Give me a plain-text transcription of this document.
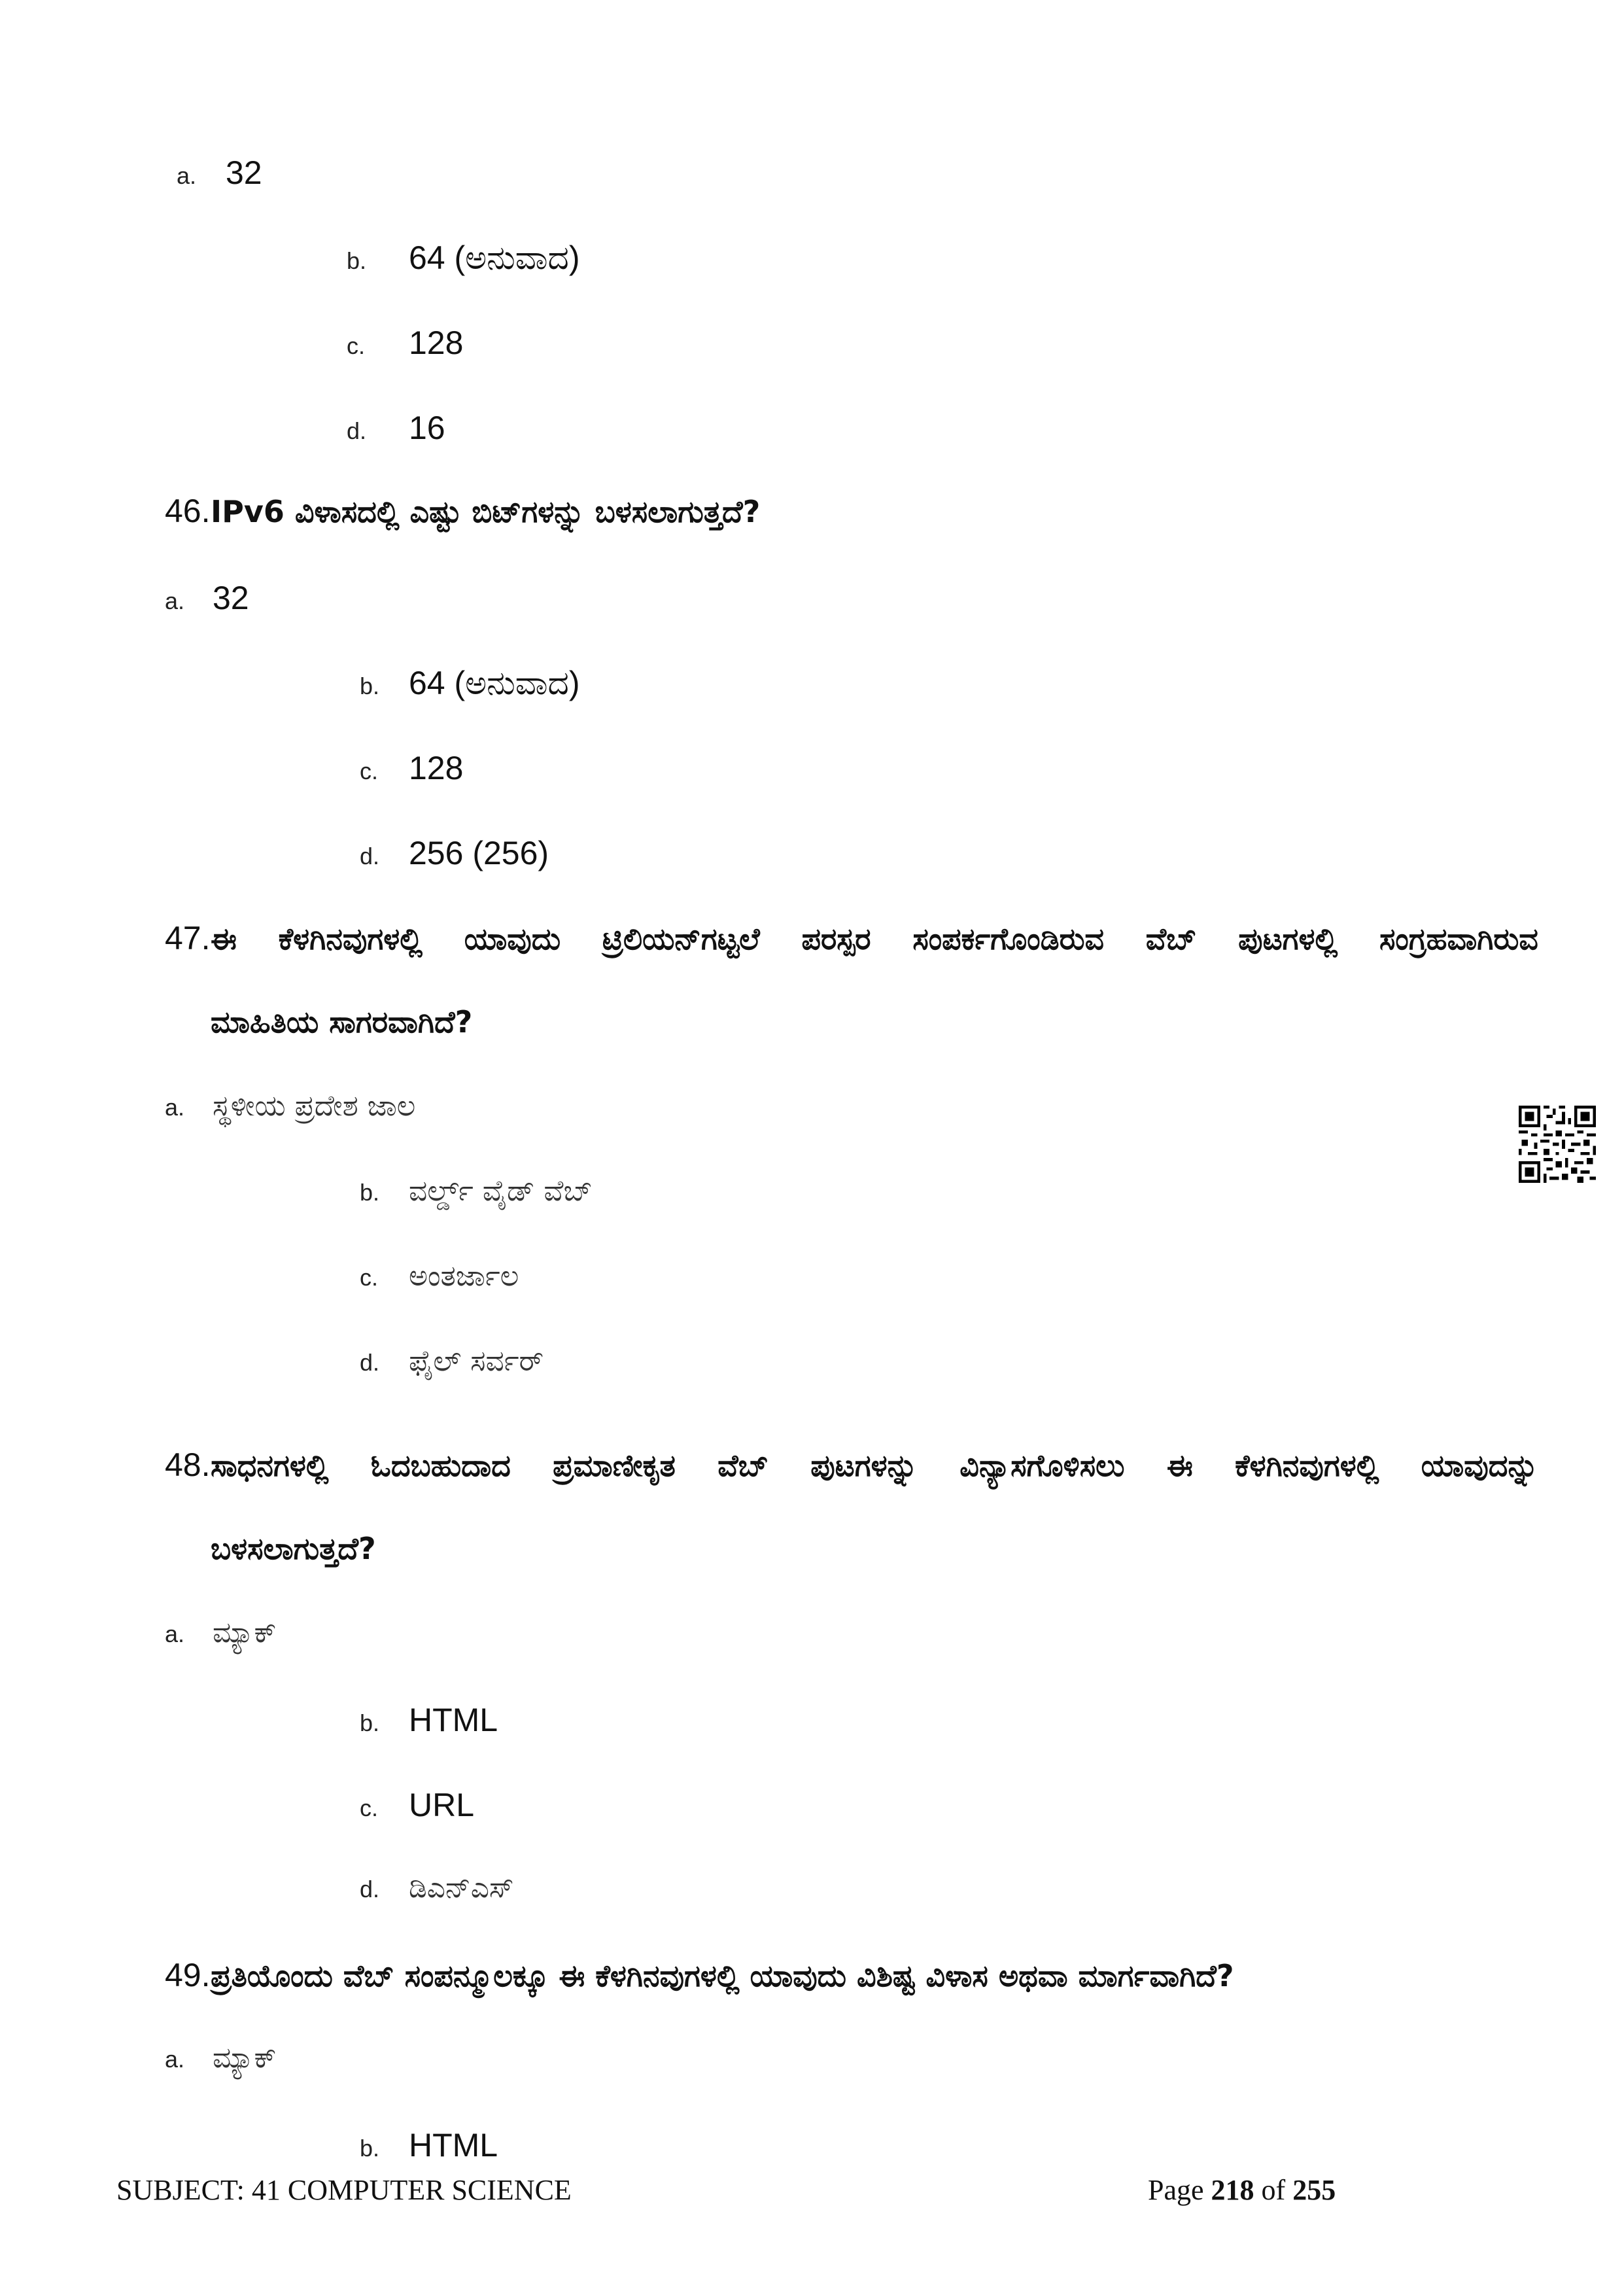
a. 32
b.	64 (ಅನುವಾದ)
c.	128
d.	16
46. IPv6 ವಿಳಾಸದಲ್ಲಿ ಎಷ್ಟು ಬಿಟ್‌ಗಳನ್ನು ಬಳಸಲಾಗುತ್ತದೆ?
a. 32
b. 64 (ಅನುವಾದ)
c. 128
d. 256 (256)
47. ಈ ಕೆಳಗಿನವುಗಳಲ್ಲಿ ಯಾವುದು ಟ್ರಿಲಿಯನ್‌ಗಟ್ಟಲೆ ಪರಸ್ಪರ ಸಂಪರ್ಕಗೊಂಡಿರುವ ವೆಬ್ ಪುಟಗಳಲ್ಲಿ ಸಂಗ್ರಹವಾಗಿರುವ
ಮಾಹಿತಿಯ ಸಾಗರವಾಗಿದೆ?
a. ಸ್ಥಳೀಯ ಪ್ರದೇಶ ಜಾಲ
b.	ವರ್ಲ್ಡ್ ವೈಡ್ ವೆಬ್
c.	ಅಂತರ್ಜಾಲ
d.	ಫೈಲ್ ಸರ್ವರ್
48. ಸಾಧನಗಳಲ್ಲಿ ಓದಬಹುದಾದ ಪ್ರಮಾಣೀಕೃತ ವೆಬ್ ಪುಟಗಳನ್ನು ವಿನ್ಯಾಸಗೊಳಿಸಲು ಈ ಕೆಳಗಿನವುಗಳಲ್ಲಿ ಯಾವುದನ್ನು
ಬಳಸಲಾಗುತ್ತದೆ?
a. ಮ್ಯಾಕ್
b. HTML
c. URL
d.	ಡಿಎನ್ಎಸ್
49. ಪ್ರತಿಯೊಂದು ವೆಬ್ ಸಂಪನ್ಮೂಲಕ್ಕೂ ಈ ಕೆಳಗಿನವುಗಳಲ್ಲಿ ಯಾವುದು ವಿಶಿಷ್ಟ ವಿಳಾಸ ಅಥವಾ ಮಾರ್ಗವಾಗಿದೆ?
a. ಮ್ಯಾಕ್
b. HTML
SUBJECT: 41 COMPUTER SCIENCE	Page 218 of 255
